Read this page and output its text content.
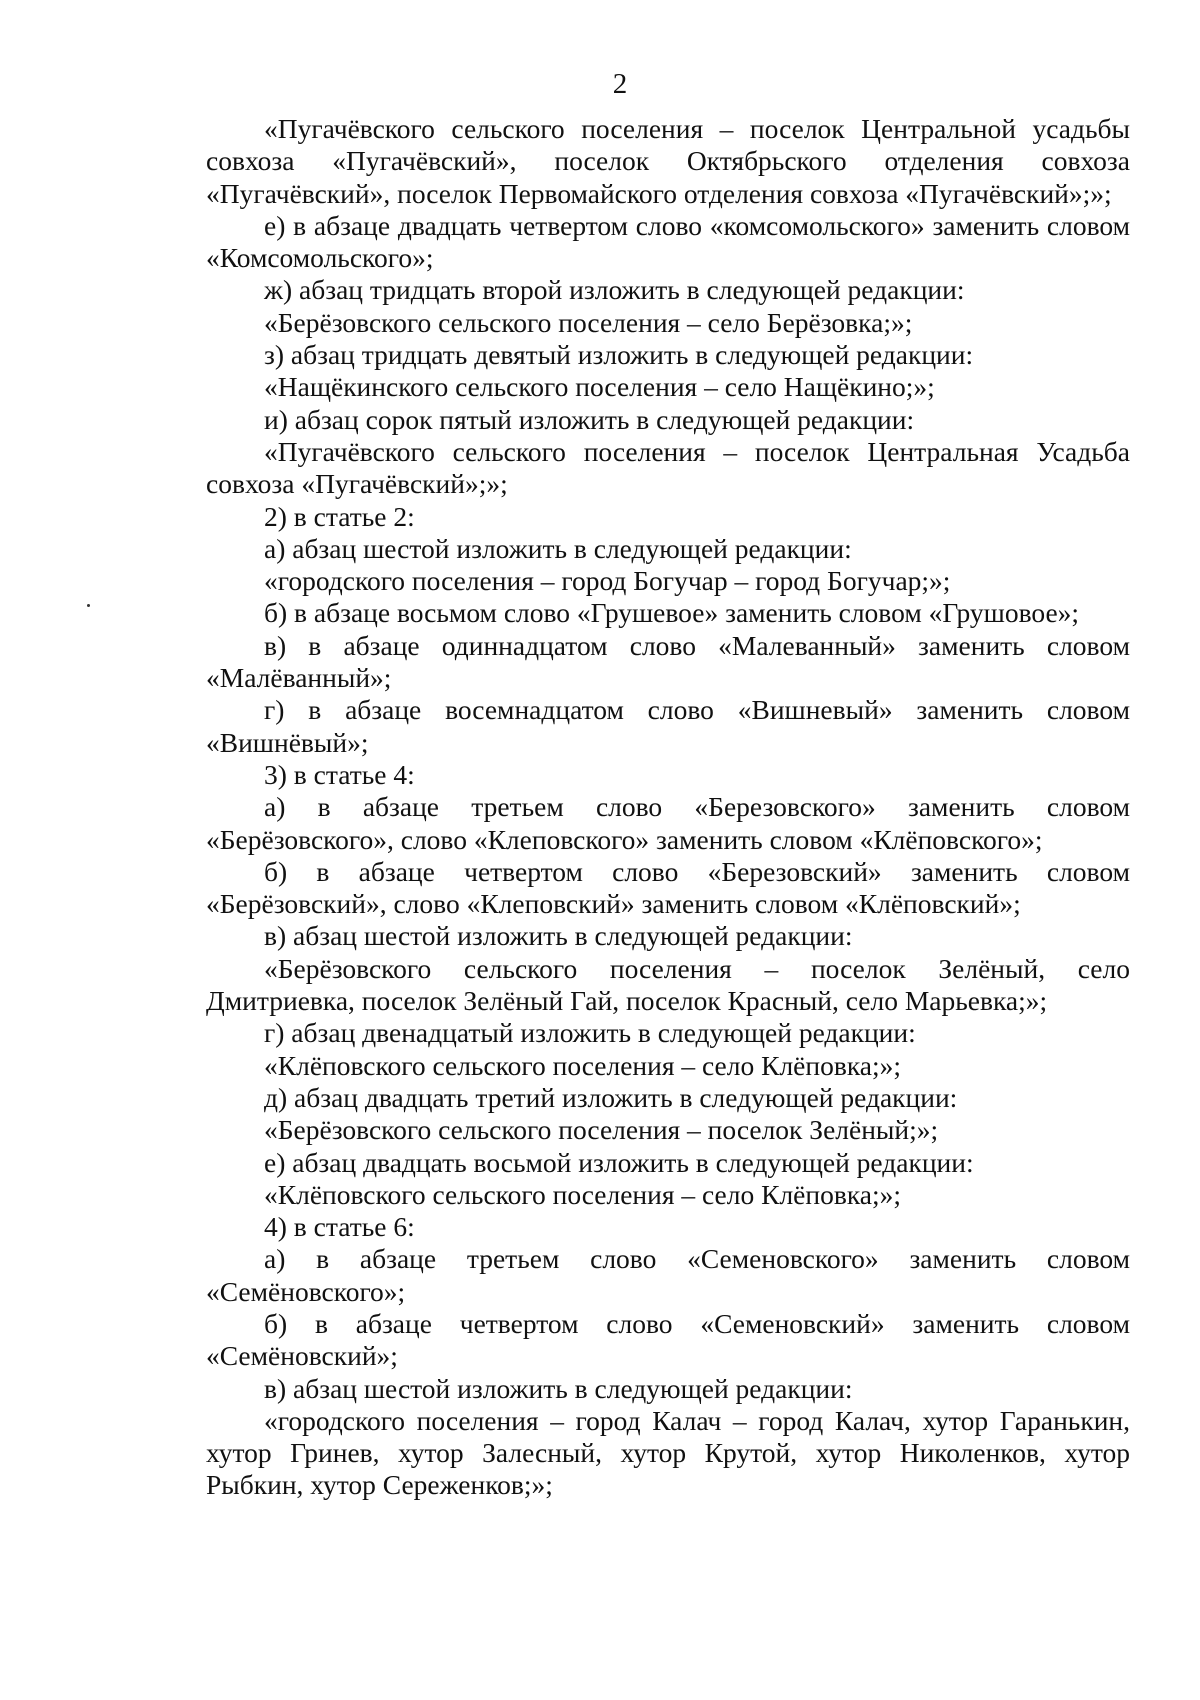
2

«Пугачёвского сельского поселения – поселок Центральной усадьбы совхоза «Пугачёвский», поселок Октябрьского отделения совхоза «Пугачёвский», поселок Первомайского отделения совхоза «Пугачёвский»;»;

е) в абзаце двадцать четвертом слово «комсомольского» заменить словом «Комсомольского»;

ж) абзац тридцать второй изложить в следующей редакции:

«Берёзовского сельского поселения – село Берёзовка;»;

з) абзац тридцать девятый изложить в следующей редакции:

«Нащёкинского сельского поселения – село Нащёкино;»;

и) абзац сорок пятый изложить в следующей редакции:

«Пугачёвского сельского поселения – поселок Центральная Усадьба совхоза «Пугачёвский»;»;

2) в статье 2:

а) абзац шестой изложить в следующей редакции:

«городского поселения – город Богучар – город Богучар;»;

б) в абзаце восьмом слово «Грушевое» заменить словом «Грушовое»;

в) в абзаце одиннадцатом слово «Малеванный» заменить словом «Малёванный»;

г) в абзаце восемнадцатом слово «Вишневый» заменить словом «Вишнёвый»;

3) в статье 4:

а) в абзаце третьем слово «Березовского» заменить словом «Берёзовского», слово «Клеповского» заменить словом «Клёповского»;

б) в абзаце четвертом слово «Березовский» заменить словом «Берёзовский», слово «Клеповский» заменить словом «Клёповский»;

в) абзац шестой изложить в следующей редакции:

«Берёзовского сельского поселения – поселок Зелёный, село Дмитриевка, поселок Зелёный Гай, поселок Красный, село Марьевка;»;

г) абзац двенадцатый изложить в следующей редакции:

«Клёповского сельского поселения – село Клёповка;»;

д) абзац двадцать третий изложить в следующей редакции:

«Берёзовского сельского поселения – поселок Зелёный;»;

е) абзац двадцать восьмой изложить в следующей редакции:

«Клёповского сельского поселения – село Клёповка;»;

4) в статье 6:

а) в абзаце третьем слово «Семеновского» заменить словом «Семёновского»;

б) в абзаце четвертом слово «Семеновский» заменить словом «Семёновский»;

в) абзац шестой изложить в следующей редакции:

«городского поселения – город Калач – город Калач, хутор Гаранькин, хутор Гринев, хутор Залесный, хутор Крутой, хутор Николенков, хутор Рыбкин, хутор Сереженков;»;
